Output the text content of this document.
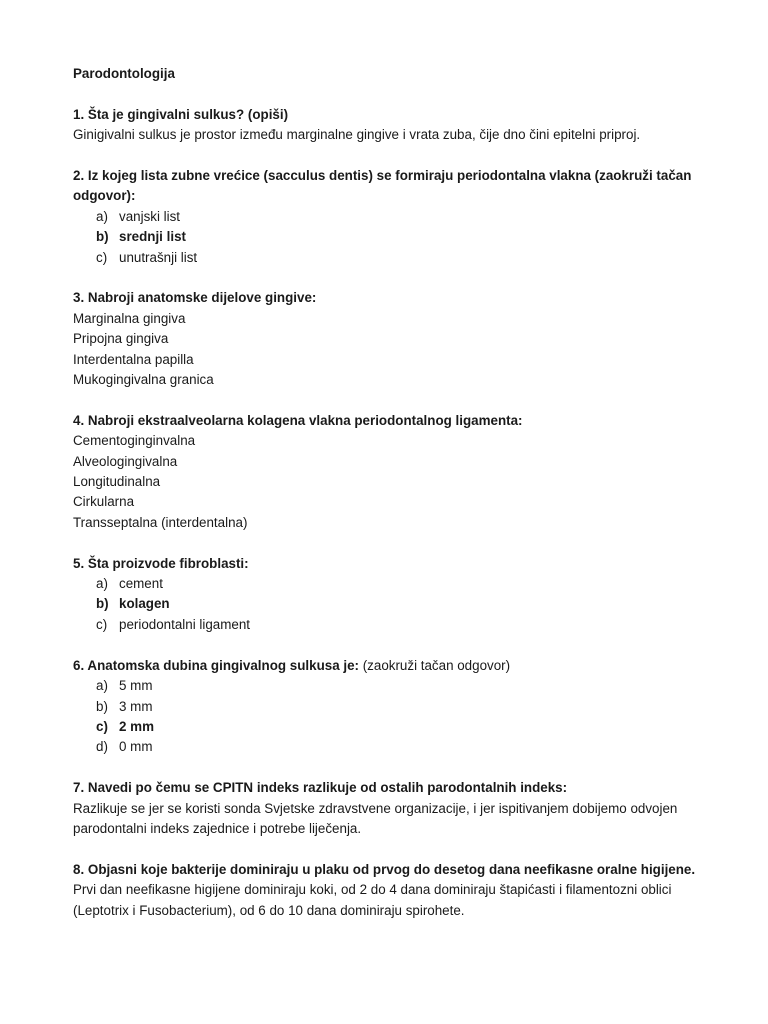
Parodontologija
1. Šta je gingivalni sulkus? (opiši)
Ginigivalni sulkus je prostor između marginalne gingive i vrata zuba, čije dno čini epitelni priproj.
2. Iz kojeg lista zubne vrećice (sacculus dentis) se formiraju periodontalna vlakna (zaokruži tačan odgovor):
a) vanjski list
b) srednji list
c) unutrašnji list
3. Nabroji anatomske dijelove gingive:
Marginalna gingiva
Pripojna gingiva
Interdentalna papilla
Mukogingivalna granica
4. Nabroji ekstraalveolarna kolagena vlakna periodontalnog ligamenta:
Cementoginginvalna
Alveologingivalna
Longitudinalna
Cirkularna
Transseptalna (interdentalna)
5. Šta proizvode fibroblasti:
a) cement
b) kolagen
c) periodontalni ligament
6. Anatomska dubina gingivalnog sulkusa je: (zaokruži tačan odgovor)
a) 5 mm
b) 3 mm
c) 2 mm
d) 0 mm
7. Navedi po čemu se CPITN indeks razlikuje od ostalih parodontalnih indeks:
Razlikuje se jer se koristi sonda Svjetske zdravstvene organizacije, i jer ispitivanjem dobijemo odvojen parodontalni indeks zajednice i potrebe liječenja.
8. Objasni koje bakterije dominiraju u plaku od prvog do desetog dana neefikasne oralne higijene.
Prvi dan neefikasne higijene dominiraju koki, od 2 do 4 dana dominiraju štapićasti i filamentozni oblici (Leptotrix i Fusobacterium), od 6 do 10 dana dominiraju spirohete.
